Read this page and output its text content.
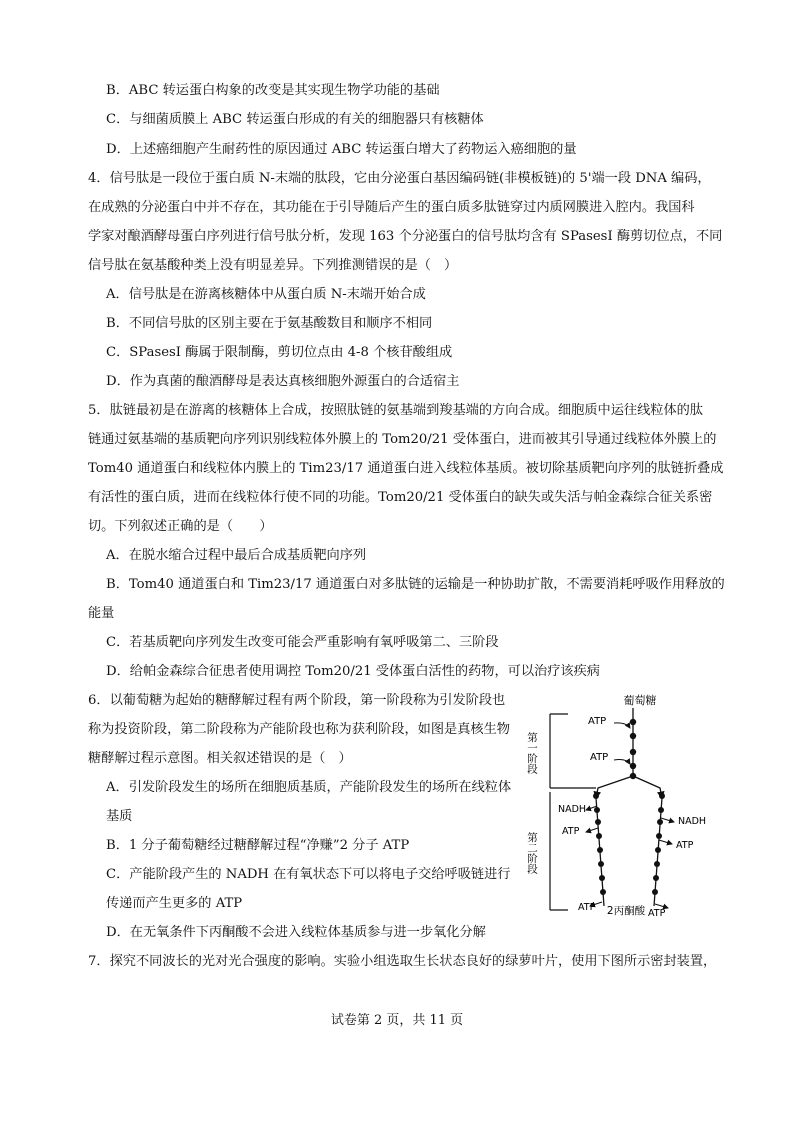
B．ABC 转运蛋白构象的改变是其实现生物学功能的基础
C．与细菌质膜上 ABC 转运蛋白形成的有关的细胞器只有核糖体
D．上述癌细胞产生耐药性的原因通过 ABC 转运蛋白增大了药物运入癌细胞的量
4．信号肽是一段位于蛋白质 N-末端的肽段，它由分泌蛋白基因编码链(非模板链)的 5'端一段 DNA 编码，
在成熟的分泌蛋白中并不存在，其功能在于引导随后产生的蛋白质多肽链穿过内质网膜进入腔内。我国科
学家对酿酒酵母蛋白序列进行信号肽分析，发现 163 个分泌蛋白的信号肽均含有 SPasesI 酶剪切位点，不同
信号肽在氨基酸种类上没有明显差异。下列推测错误的是（　）
A．信号肽是在游离核糖体中从蛋白质 N-末端开始合成
B．不同信号肽的区别主要在于氨基酸数目和顺序不相同
C．SPasesI 酶属于限制酶，剪切位点由 4-8 个核苷酸组成
D．作为真菌的酿酒酵母是表达真核细胞外源蛋白的合适宿主
5．肽链最初是在游离的核糖体上合成，按照肽链的氨基端到羧基端的方向合成。细胞质中运往线粒体的肽
链通过氨基端的基质靶向序列识别线粒体外膜上的 Tom20/21 受体蛋白，进而被其引导通过线粒体外膜上的
Tom40 通道蛋白和线粒体内膜上的 Tim23/17 通道蛋白进入线粒体基质。被切除基质靶向序列的肽链折叠成
有活性的蛋白质，进而在线粒体行使不同的功能。Tom20/21 受体蛋白的缺失或失活与帕金森综合征关系密
切。下列叙述正确的是（　　）
A．在脱水缩合过程中最后合成基质靶向序列
B．Tom40 通道蛋白和 Tim23/17 通道蛋白对多肽链的运输是一种协助扩散，不需要消耗呼吸作用释放的
能量
C．若基质靶向序列发生改变可能会严重影响有氧呼吸第二、三阶段
D．给帕金森综合征患者使用调控 Tom20/21 受体蛋白活性的药物，可以治疗该疾病
6．以葡萄糖为起始的糖酵解过程有两个阶段，第一阶段称为引发阶段也
称为投资阶段，第二阶段称为产能阶段也称为获利阶段，如图是真核生物
糖酵解过程示意图。相关叙述错误的是（　）
A．引发阶段发生的场所在细胞质基质，产能阶段发生的场所在线粒体
基质
B．1 分子葡萄糖经过糖酵解过程“净赚”2 分子 ATP
C．产能阶段产生的 NADH 在有氧状态下可以将电子交给呼吸链进行
传递而产生更多的 ATP
D．在无氧条件下丙酮酸不会进入线粒体基质参与进一步氧化分解
7．探究不同波长的光对光合强度的影响。实验小组选取生长状态良好的绿萝叶片，使用下图所示密封装置，
葡萄糖
第一阶段
第二阶段
ATP
ATP
NADH
ATP
ATP
NADH
ATP
ATP
2丙酮酸
试卷第 2 页，共 11 页
